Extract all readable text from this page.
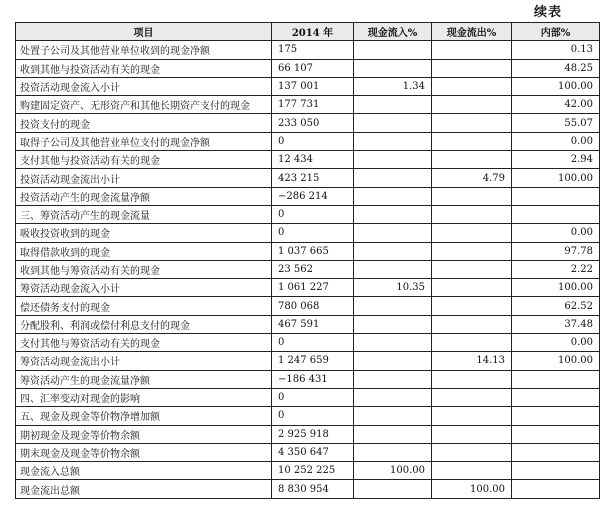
续表
项目	2014 年	现金流入%	现金流出%	内部%
处置子公司及其他营业单位收到的现金净额	175			0.13
收到其他与投资活动有关的现金	66 107			48.25
投资活动现金流入小计	137 001	1.34		100.00
购建固定资产、无形资产和其他长期资产支付的现金	177 731			42.00
投资支付的现金	233 050			55.07
取得子公司及其他营业单位支付的现金净额	0			0.00
支付其他与投资活动有关的现金	12 434			2.94
投资活动现金流出小计	423 215		4.79	100.00
投资活动产生的现金流量净额	−286 214			
三、筹资活动产生的现金流量	0			
吸收投资收到的现金	0			0.00
取得借款收到的现金	1 037 665			97.78
收到其他与筹资活动有关的现金	23 562			2.22
筹资活动现金流入小计	1 061 227	10.35		100.00
偿还债务支付的现金	780 068			62.52
分配股利、利润或偿付利息支付的现金	467 591			37.48
支付其他与筹资活动有关的现金	0			0.00
筹资活动现金流出小计	1 247 659		14.13	100.00
筹资活动产生的现金流量净额	−186 431			
四、汇率变动对现金的影响	0			
五、现金及现金等价物净增加额	0			
期初现金及现金等价物余额	2 925 918			
期末现金及现金等价物余额	4 350 647			
现金流入总额	10 252 225	100.00		
现金流出总额	8 830 954		100.00	
